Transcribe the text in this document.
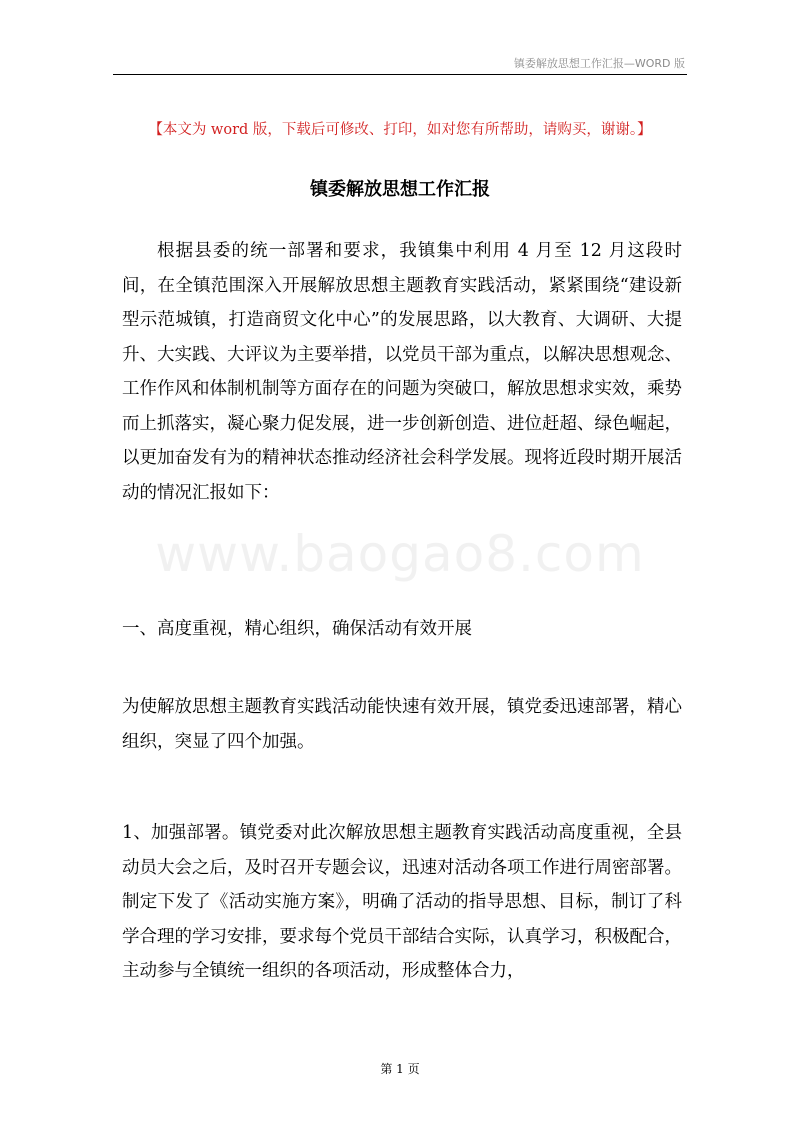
镇委解放思想工作汇报—WORD 版
【本文为 word 版，下载后可修改、打印，如对您有所帮助，请购买，谢谢。】
镇委解放思想工作汇报

根据县委的统一部署和要求，我镇集中利用 4 月至 12 月这段时间，在全镇范围深入开展解放思想主题教育实践活动，紧紧围绕“建设新型示范城镇，打造商贸文化中心”的发展思路，以大教育、大调研、大提升、大实践、大评议为主要举措，以党员干部为重点，以解决思想观念、工作作风和体制机制等方面存在的问题为突破口，解放思想求实效，乘势而上抓落实，凝心聚力促发展，进一步创新创造、进位赶超、绿色崛起，以更加奋发有为的精神状态推动经济社会科学发展。现将近段时期开展活动的情况汇报如下：

一、高度重视，精心组织，确保活动有效开展

为使解放思想主题教育实践活动能快速有效开展，镇党委迅速部署，精心组织，突显了四个加强。

1、加强部署。镇党委对此次解放思想主题教育实践活动高度重视，全县动员大会之后，及时召开专题会议，迅速对活动各项工作进行周密部署。制定下发了《活动实施方案》，明确了活动的指导思想、目标，制订了科学合理的学习安排，要求每个党员干部结合实际，认真学习，积极配合，主动参与全镇统一组织的各项活动，形成整体合力，

www.baogao8.com
第 1 页
